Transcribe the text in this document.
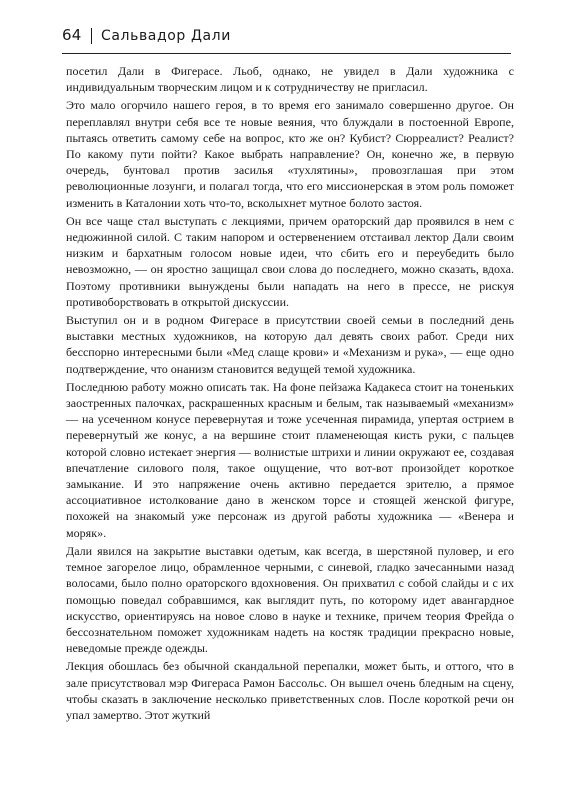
64 Сальвадор Дали

посетил Дали в Фигерасе. Льоб, однако, не увидел в Дали художника с индивидуальным творческим лицом и к сотрудничеству не пригласил.

Это мало огорчило нашего героя, в то время его занимало совершенно другое. Он переплавлял внутри себя все те новые веяния, что блуждали в постоенной Европе, пытаясь ответить самому себе на вопрос, кто же он? Кубист? Сюрреалист? Реалист? По какому пути пойти? Какое выбрать направление? Он, конечно же, в первую очередь, бунтовал против засилья «тухлятины», провозглашая при этом революционные лозунги, и полагал тогда, что его миссионерская в этом роль поможет изменить в Каталонии хоть что-то, всколыхнет мутное болото застоя.

Он все чаще стал выступать с лекциями, причем ораторский дар проявился в нем с недюжинной силой. С таким напором и остервенением отстаивал лектор Дали своим низким и бархатным голосом новые идеи, что сбить его и переубедить было невозможно, — он яростно защищал свои слова до последнего, можно сказать, вдоха. Поэтому противники вынуждены были нападать на него в прессе, не рискуя противоборствовать в открытой дискуссии.

Выступил он и в родном Фигерасе в присутствии своей семьи в последний день выставки местных художников, на которую дал девять своих работ. Среди них бесспорно интересными были «Мед слаще крови» и «Механизм и рука», — еще одно подтверждение, что онанизм становится ведущей темой художника.

Последнюю работу можно описать так. На фоне пейзажа Кадакеса стоит на тоненьких заостренных палочках, раскрашенных красным и белым, так называемый «механизм» — на усеченном конусе перевернутая и тоже усеченная пирамида, упертая острием в перевернутый же конус, а на вершине стоит пламенеющая кисть руки, с пальцев которой словно истекает энергия — волнистые штрихи и линии окружают ее, создавая впечатление силового поля, такое ощущение, что вот-вот произойдет короткое замыкание. И это напряжение очень активно передается зрителю, а прямое ассоциативное истолкование дано в женском торсе и стоящей женской фигуре, похожей на знакомый уже персонаж из другой работы художника — «Венера и моряк».

Дали явился на закрытие выставки одетым, как всегда, в шерстяной пуловер, и его темное загорелое лицо, обрамленное черными, с синевой, гладко зачесанными назад волосами, было полно ораторского вдохновения. Он прихватил с собой слайды и с их помощью поведал собравшимся, как выглядит путь, по которому идет авангардное искусство, ориентируясь на новое слово в науке и технике, причем теория Фрейда о бессознательном поможет художникам надеть на костяк традиции прекрасно новые, неведомые прежде одежды.

Лекция обошлась без обычной скандальной перепалки, может быть, и оттого, что в зале присутствовал мэр Фигераса Рамон Бассольс. Он вышел очень бледным на сцену, чтобы сказать в заключение несколько приветственных слов. После короткой речи он упал замертво. Этот жуткий
